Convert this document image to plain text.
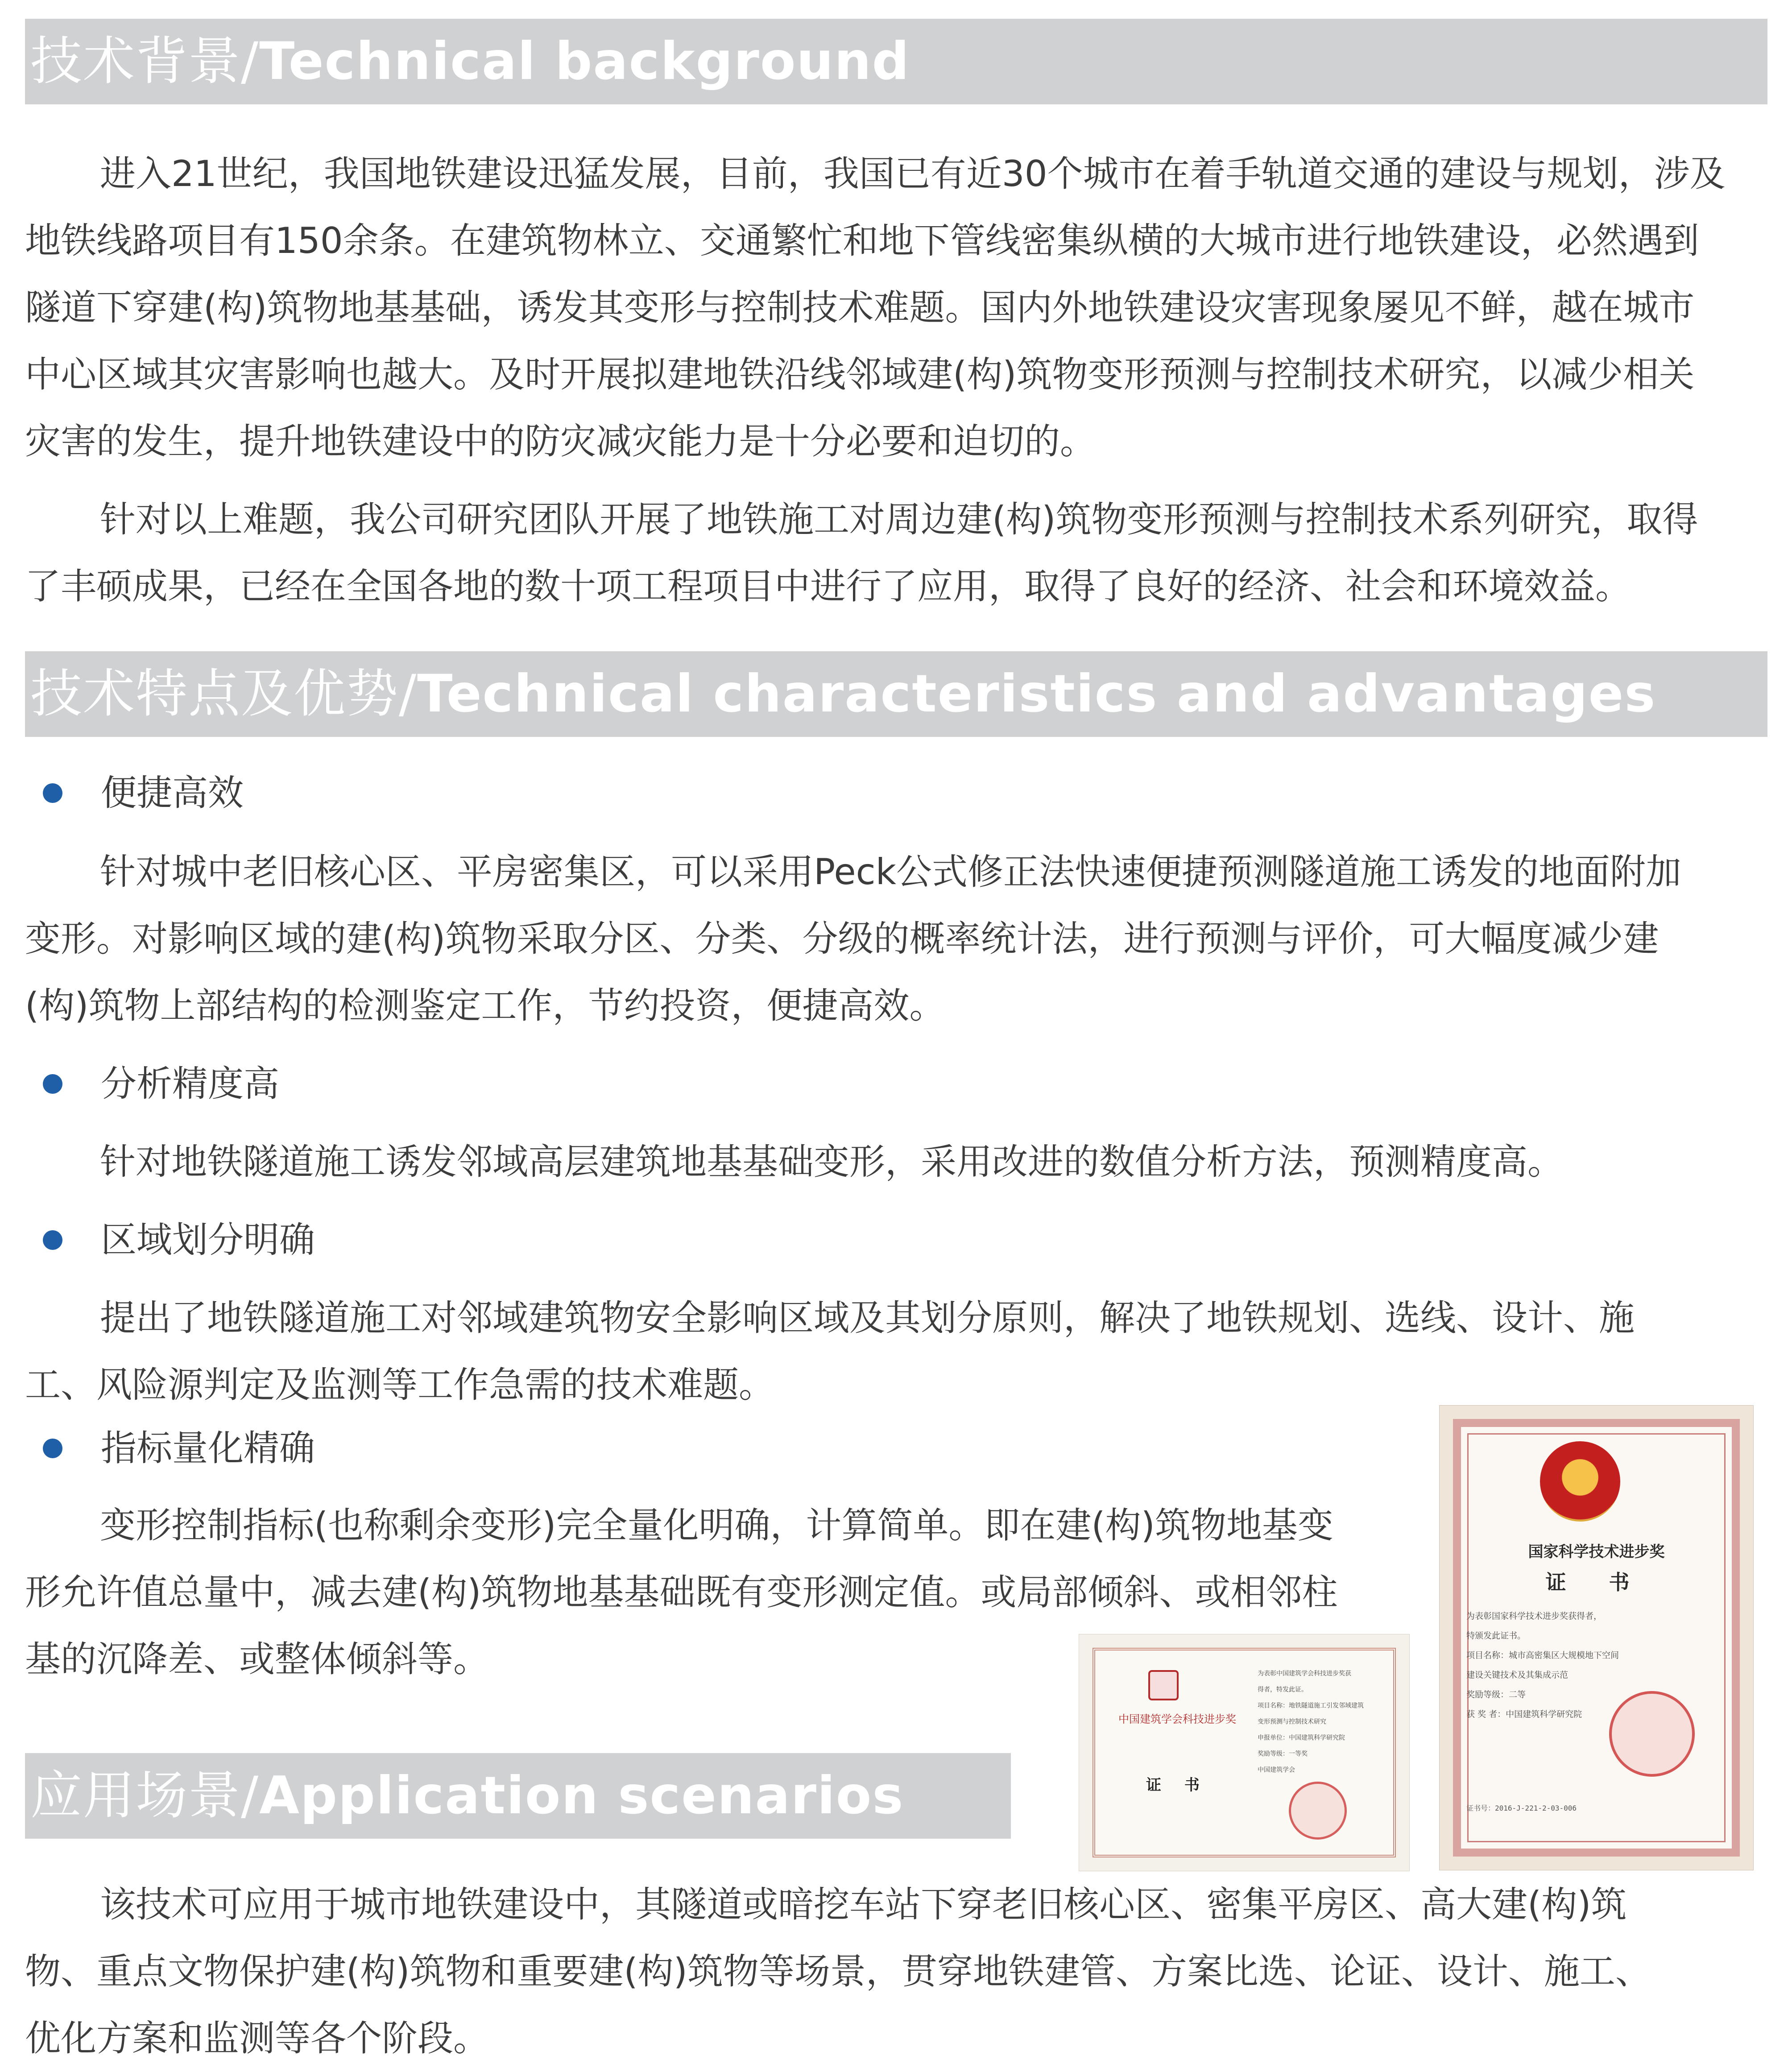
技术背景/Technical background

进入21世纪，我国地铁建设迅猛发展，目前，我国已有近30个城市在着手轨道交通的建设与规划，涉及

地铁线路项目有150余条。在建筑物林立、交通繁忙和地下管线密集纵横的大城市进行地铁建设，必然遇到

隧道下穿建(构)筑物地基基础，诱发其变形与控制技术难题。国内外地铁建设灾害现象屡见不鲜，越在城市

中心区域其灾害影响也越大。及时开展拟建地铁沿线邻域建(构)筑物变形预测与控制技术研究，以减少相关

灾害的发生，提升地铁建设中的防灾减灾能力是十分必要和迫切的。

针对以上难题，我公司研究团队开展了地铁施工对周边建(构)筑物变形预测与控制技术系列研究，取得

了丰硕成果，已经在全国各地的数十项工程项目中进行了应用，取得了良好的经济、社会和环境效益。

技术特点及优势/Technical characteristics and advantages
便捷高效

针对城中老旧核心区、平房密集区，可以采用Peck公式修正法快速便捷预测隧道施工诱发的地面附加

变形。对影响区域的建(构)筑物采取分区、分类、分级的概率统计法，进行预测与评价，可大幅度减少建

(构)筑物上部结构的检测鉴定工作，节约投资，便捷高效。

分析精度高

针对地铁隧道施工诱发邻域高层建筑地基基础变形，采用改进的数值分析方法，预测精度高。

区域划分明确

提出了地铁隧道施工对邻域建筑物安全影响区域及其划分原则，解决了地铁规划、选线、设计、施

工、风险源判定及监测等工作急需的技术难题。

指标量化精确

变形控制指标(也称剩余变形)完全量化明确，计算简单。即在建(构)筑物地基变

形允许值总量中，减去建(构)筑物地基基础既有变形测定值。或局部倾斜、或相邻柱

基的沉降差、或整体倾斜等。

应用场景/Application scenarios

该技术可应用于城市地铁建设中，其隧道或暗挖车站下穿老旧核心区、密集平房区、高大建(构)筑

物、重点文物保护建(构)筑物和重要建(构)筑物等场景，贯穿地铁建管、方案比选、论证、设计、施工、

优化方案和监测等各个阶段。

中国建筑学会科技进步奖
证 书
为表彰中国建筑学会科技进步奖获
得者，特发此证。
项目名称：地铁隧道施工引发邻域建筑
变形预测与控制技术研究
申报单位：中国建筑科学研究院
奖励等级：一等奖
中国建筑学会
国家科学技术进步奖
证 书
为表彰国家科学技术进步奖获得者，
特颁发此证书。
项目名称：城市高密集区大规模地下空间
建设关键技术及其集成示范
奖励等级：二等
获 奖 者：中国建筑科学研究院
证书号：2016-J-221-2-03-006
